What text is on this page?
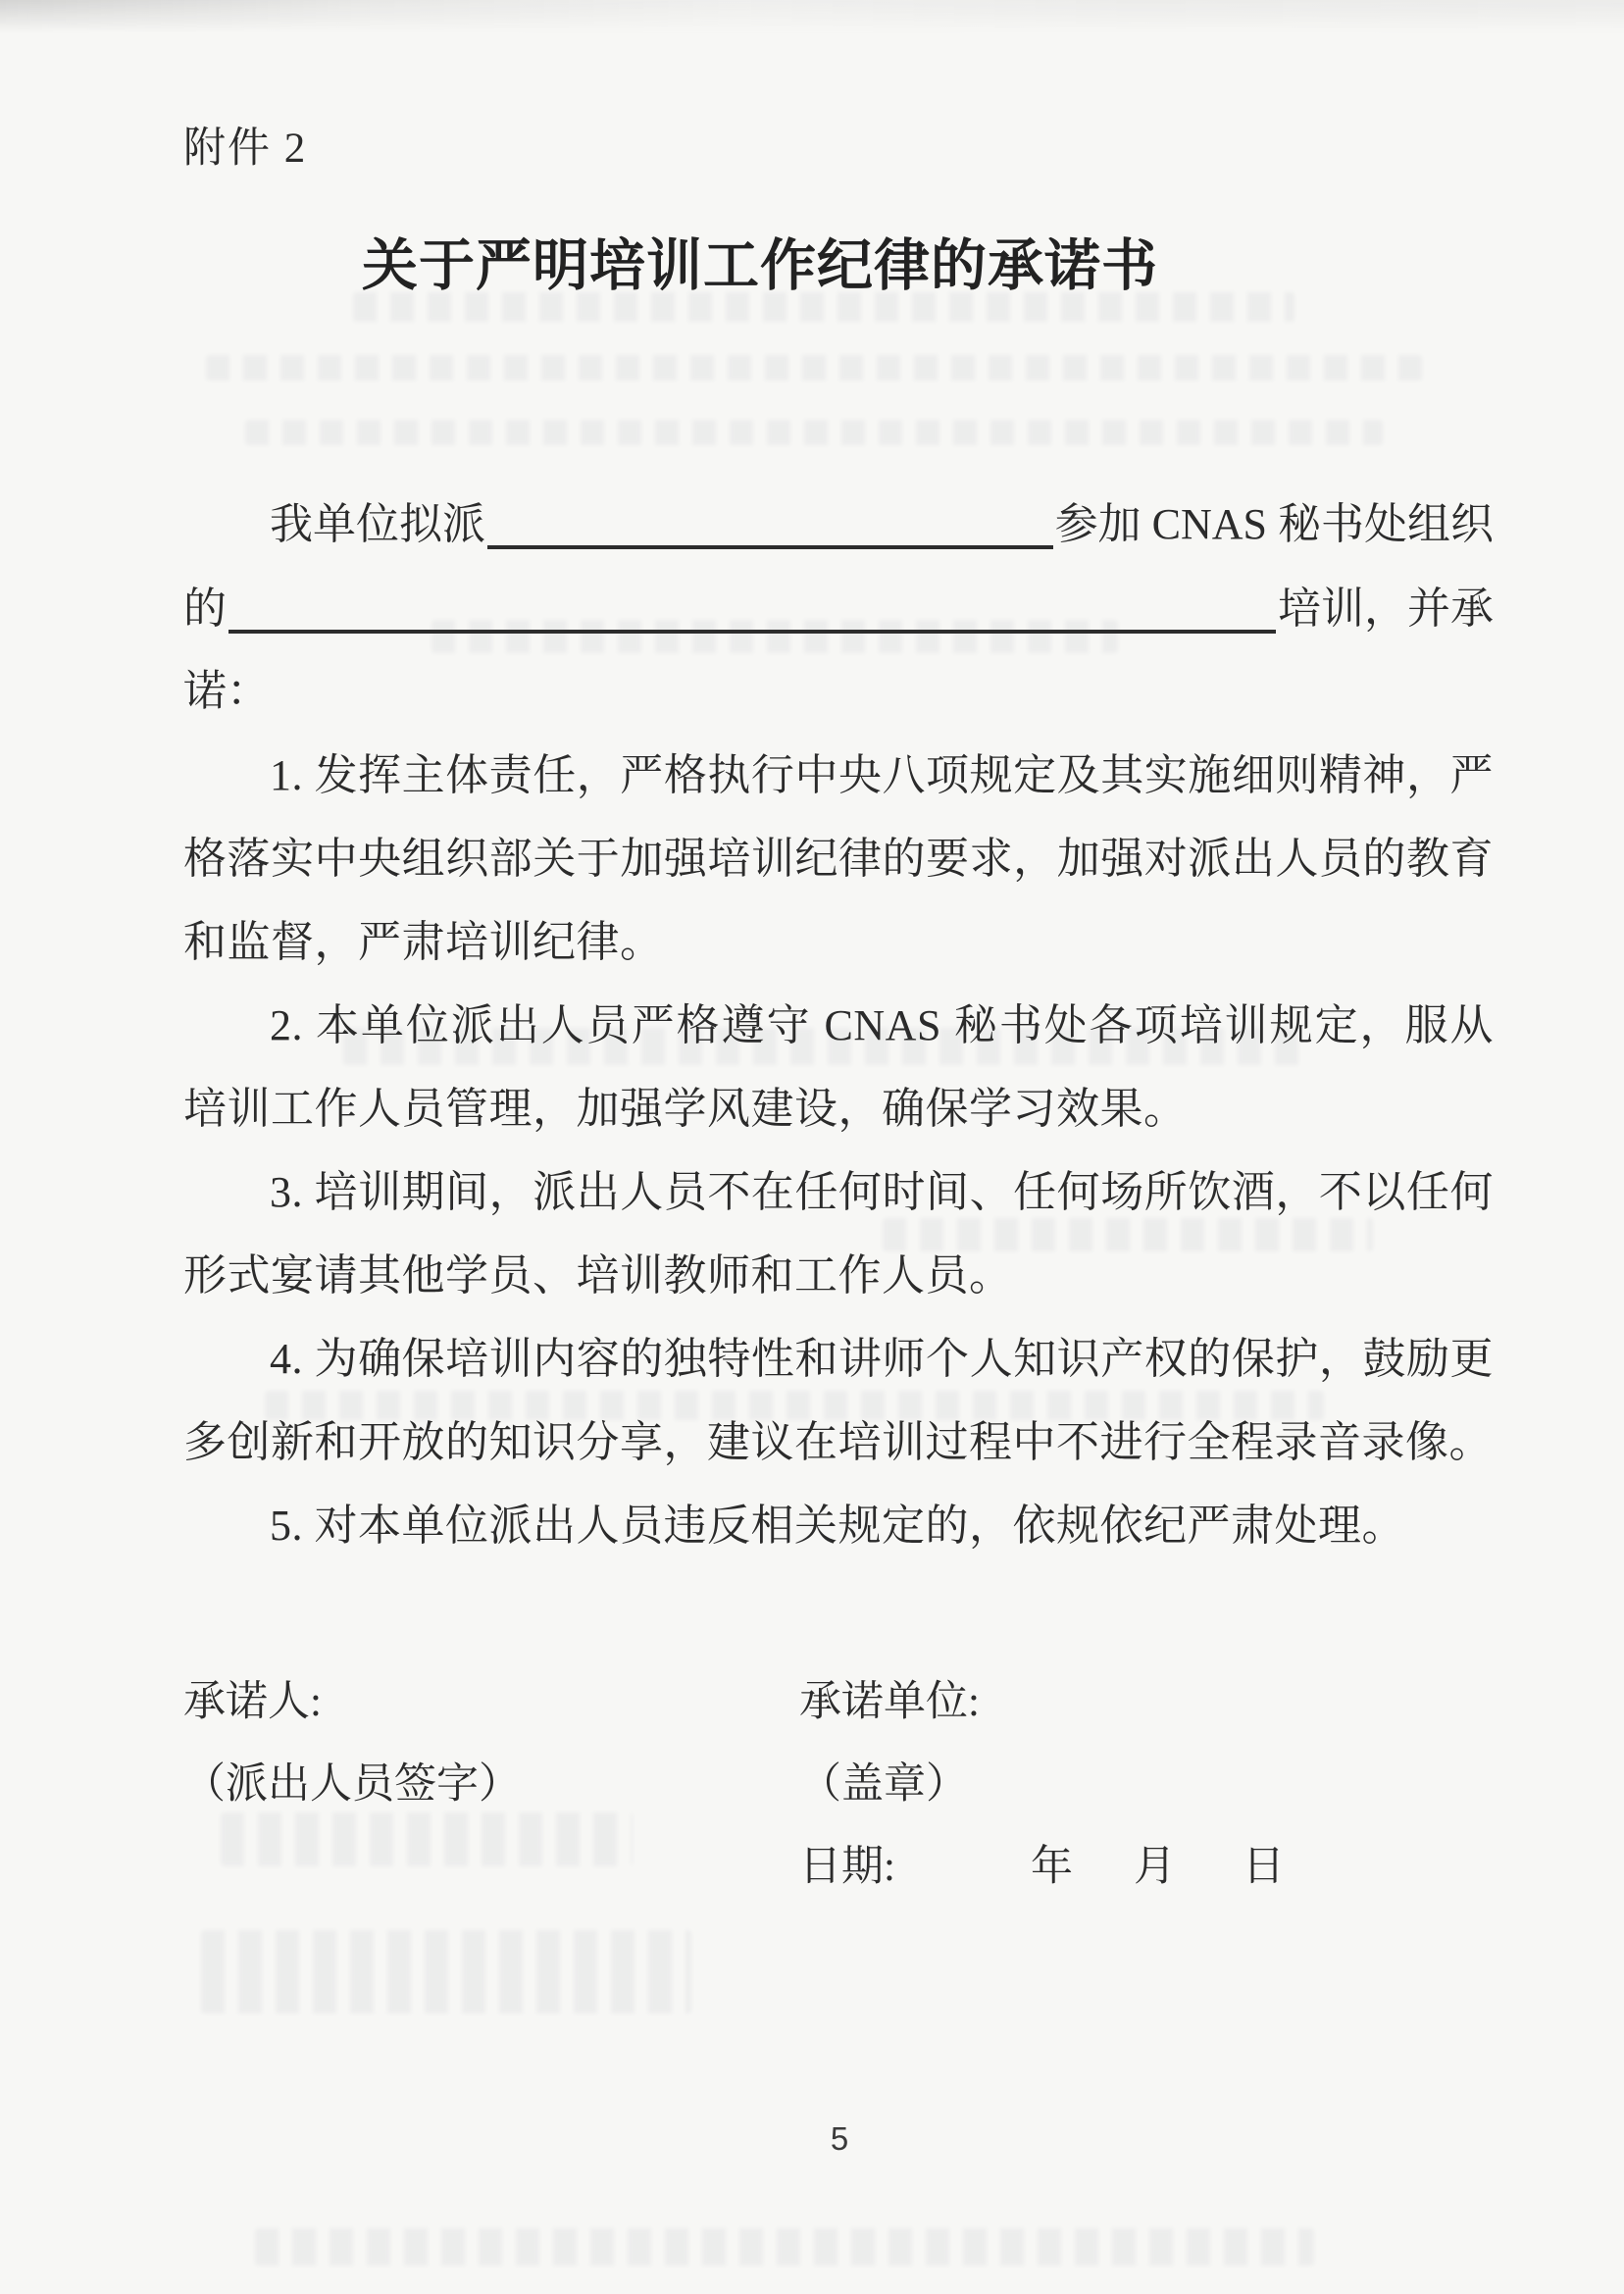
附件 2
关于严明培训工作纪律的承诺书
我单位拟派	参加 CNAS 秘书处组织
的	培训，并承
诺：

1. 发挥主体责任，严格执行中央八项规定及其实施细则精神，严格落实中央组织部关于加强培训纪律的要求，加强对派出人员的教育和监督，严肃培训纪律。

2. 本单位派出人员严格遵守 CNAS 秘书处各项培训规定，服从培训工作人员管理，加强学风建设，确保学习效果。

3. 培训期间，派出人员不在任何时间、任何场所饮酒，不以任何形式宴请其他学员、培训教师和工作人员。

4. 为确保培训内容的独特性和讲师个人知识产权的保护，鼓励更多创新和开放的知识分享，建议在培训过程中不进行全程录音录像。

5. 对本单位派出人员违反相关规定的，依规依纪严肃处理。

承诺人:
（派出人员签字）
承诺单位:
（盖章）
日期:	年 月 日
5
